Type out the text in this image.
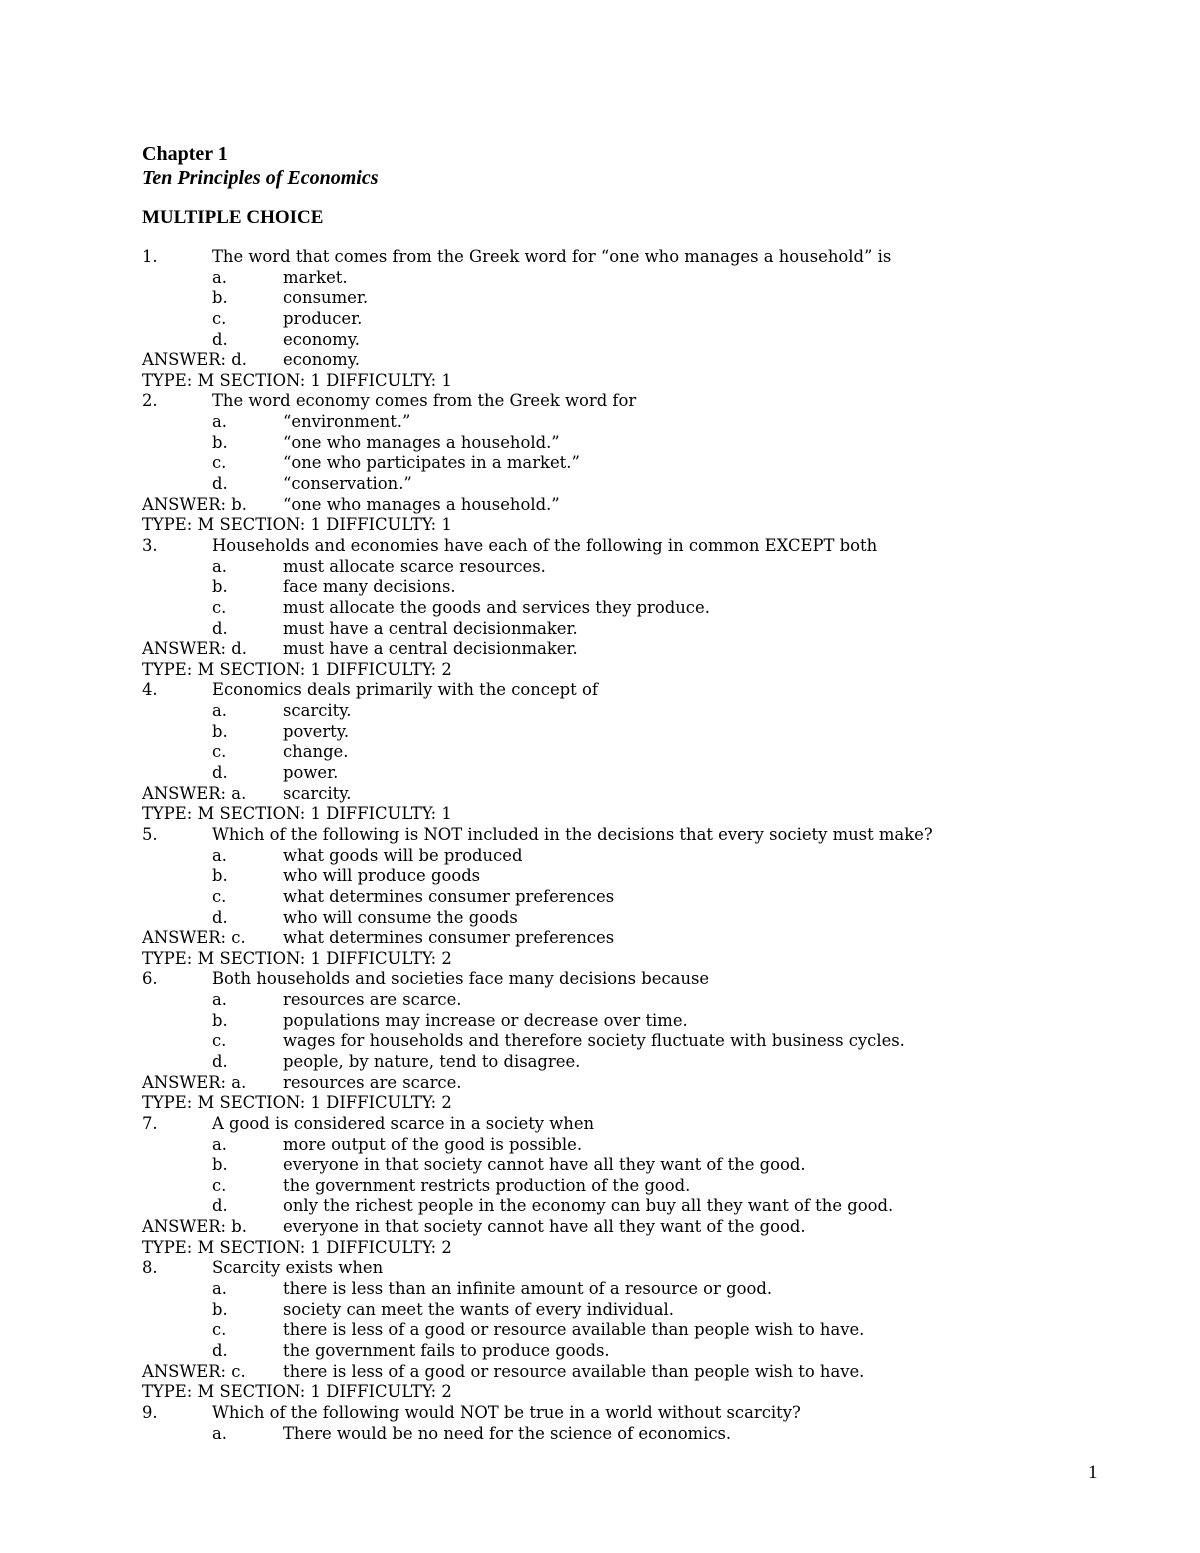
Chapter 1
Ten Principles of Economics
MULTIPLE CHOICE
1.	The word that comes from the Greek word for “one who manages a household” is
a.	market.
b.	consumer.
c.	producer.
d.	economy.
ANSWER: d. economy.
TYPE: M SECTION: 1 DIFFICULTY: 1
2.	The word economy comes from the Greek word for
a.	“environment.”
b.	“one who manages a household.”
c.	“one who participates in a market.”
d.	“conservation.”
ANSWER: b. “one who manages a household.”
TYPE: M SECTION: 1 DIFFICULTY: 1
3.	Households and economies have each of the following in common EXCEPT both
a.	must allocate scarce resources.
b.	face many decisions.
c.	must allocate the goods and services they produce.
d.	must have a central decisionmaker.
ANSWER: d. must have a central decisionmaker.
TYPE: M SECTION: 1 DIFFICULTY: 2
4.	Economics deals primarily with the concept of
a.	scarcity.
b.	poverty.
c.	change.
d.	power.
ANSWER: a. scarcity.
TYPE: M SECTION: 1 DIFFICULTY: 1
5.	Which of the following is NOT included in the decisions that every society must make?
a.	what goods will be produced
b.	who will produce goods
c.	what determines consumer preferences
d.	who will consume the goods
ANSWER: c. what determines consumer preferences
TYPE: M SECTION: 1 DIFFICULTY: 2
6.	Both households and societies face many decisions because
a.	resources are scarce.
b.	populations may increase or decrease over time.
c.	wages for households and therefore society fluctuate with business cycles.
d.	people, by nature, tend to disagree.
ANSWER: a. resources are scarce.
TYPE: M SECTION: 1 DIFFICULTY: 2
7.	A good is considered scarce in a society when
a.	more output of the good is possible.
b.	everyone in that society cannot have all they want of the good.
c.	the government restricts production of the good.
d.	only the richest people in the economy can buy all they want of the good.
ANSWER: b. everyone in that society cannot have all they want of the good.
TYPE: M SECTION: 1 DIFFICULTY: 2
8.	Scarcity exists when
a.	there is less than an infinite amount of a resource or good.
b.	society can meet the wants of every individual.
c.	there is less of a good or resource available than people wish to have.
d.	the government fails to produce goods.
ANSWER: c. there is less of a good or resource available than people wish to have.
TYPE: M SECTION: 1 DIFFICULTY: 2
9.	Which of the following would NOT be true in a world without scarcity?
a.	There would be no need for the science of economics.
1
